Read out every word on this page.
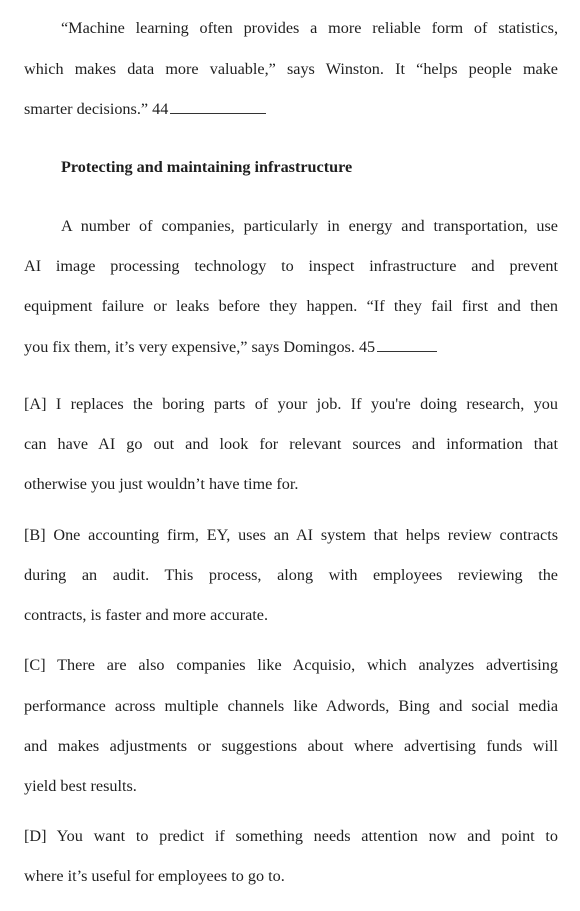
“Machine learning often provides a more reliable form of statistics,
which makes data more valuable,” says Winston. It “helps people make
smarter decisions.” 44
Protecting and maintaining infrastructure
A number of companies, particularly in energy and transportation, use
AI image processing technology to inspect infrastructure and prevent
equipment failure or leaks before they happen. “If they fail first and then
you fix them, it’s very expensive,” says Domingos. 45
[A] I replaces the boring parts of your job. If you're doing research, you
can have AI go out and look for relevant sources and information that
otherwise you just wouldn’t have time for.
[B] One accounting firm, EY, uses an AI system that helps review contracts
during an audit. This process, along with employees reviewing the
contracts, is faster and more accurate.
[C] There are also companies like Acquisio, which analyzes advertising
performance across multiple channels like Adwords, Bing and social media
and makes adjustments or suggestions about where advertising funds will
yield best results.
[D] You want to predict if something needs attention now and point to
where it’s useful for employees to go to.
